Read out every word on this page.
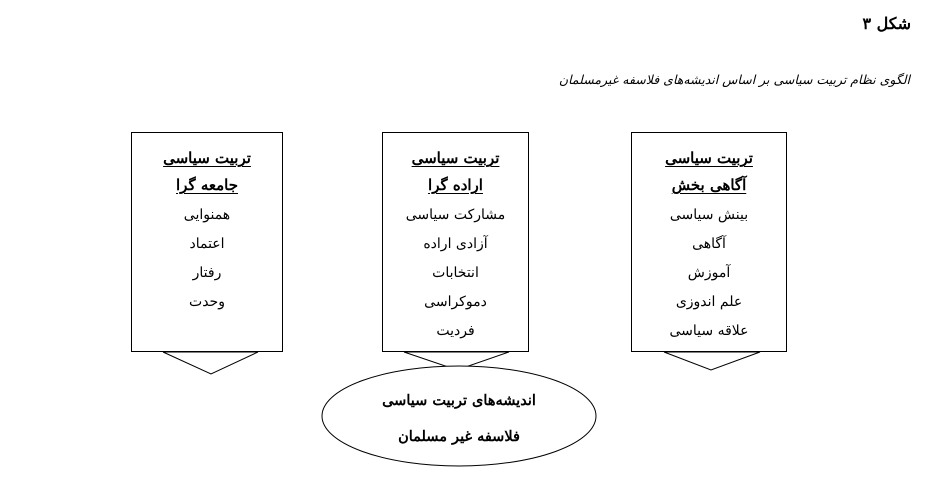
شکل ۳
الگوی نظام تربیت سیاسی بر اساس اندیشه‌های فلاسفه غیرمسلمان
تربیت سیاسی
آگاهی بخش
بینش سیاسی
آگاهی
آموزش
علم اندوزی
علاقه سیاسی
تربیت سیاسی
اراده گرا
مشارکت سیاسی
آزادی اراده
انتخابات
دموکراسی
فردیت
تربیت سیاسی
جامعه گرا
همنوایی
اعتماد
رفتار
وحدت
اندیشه‌های تربیت سیاسی
فلاسفه غیر مسلمان
